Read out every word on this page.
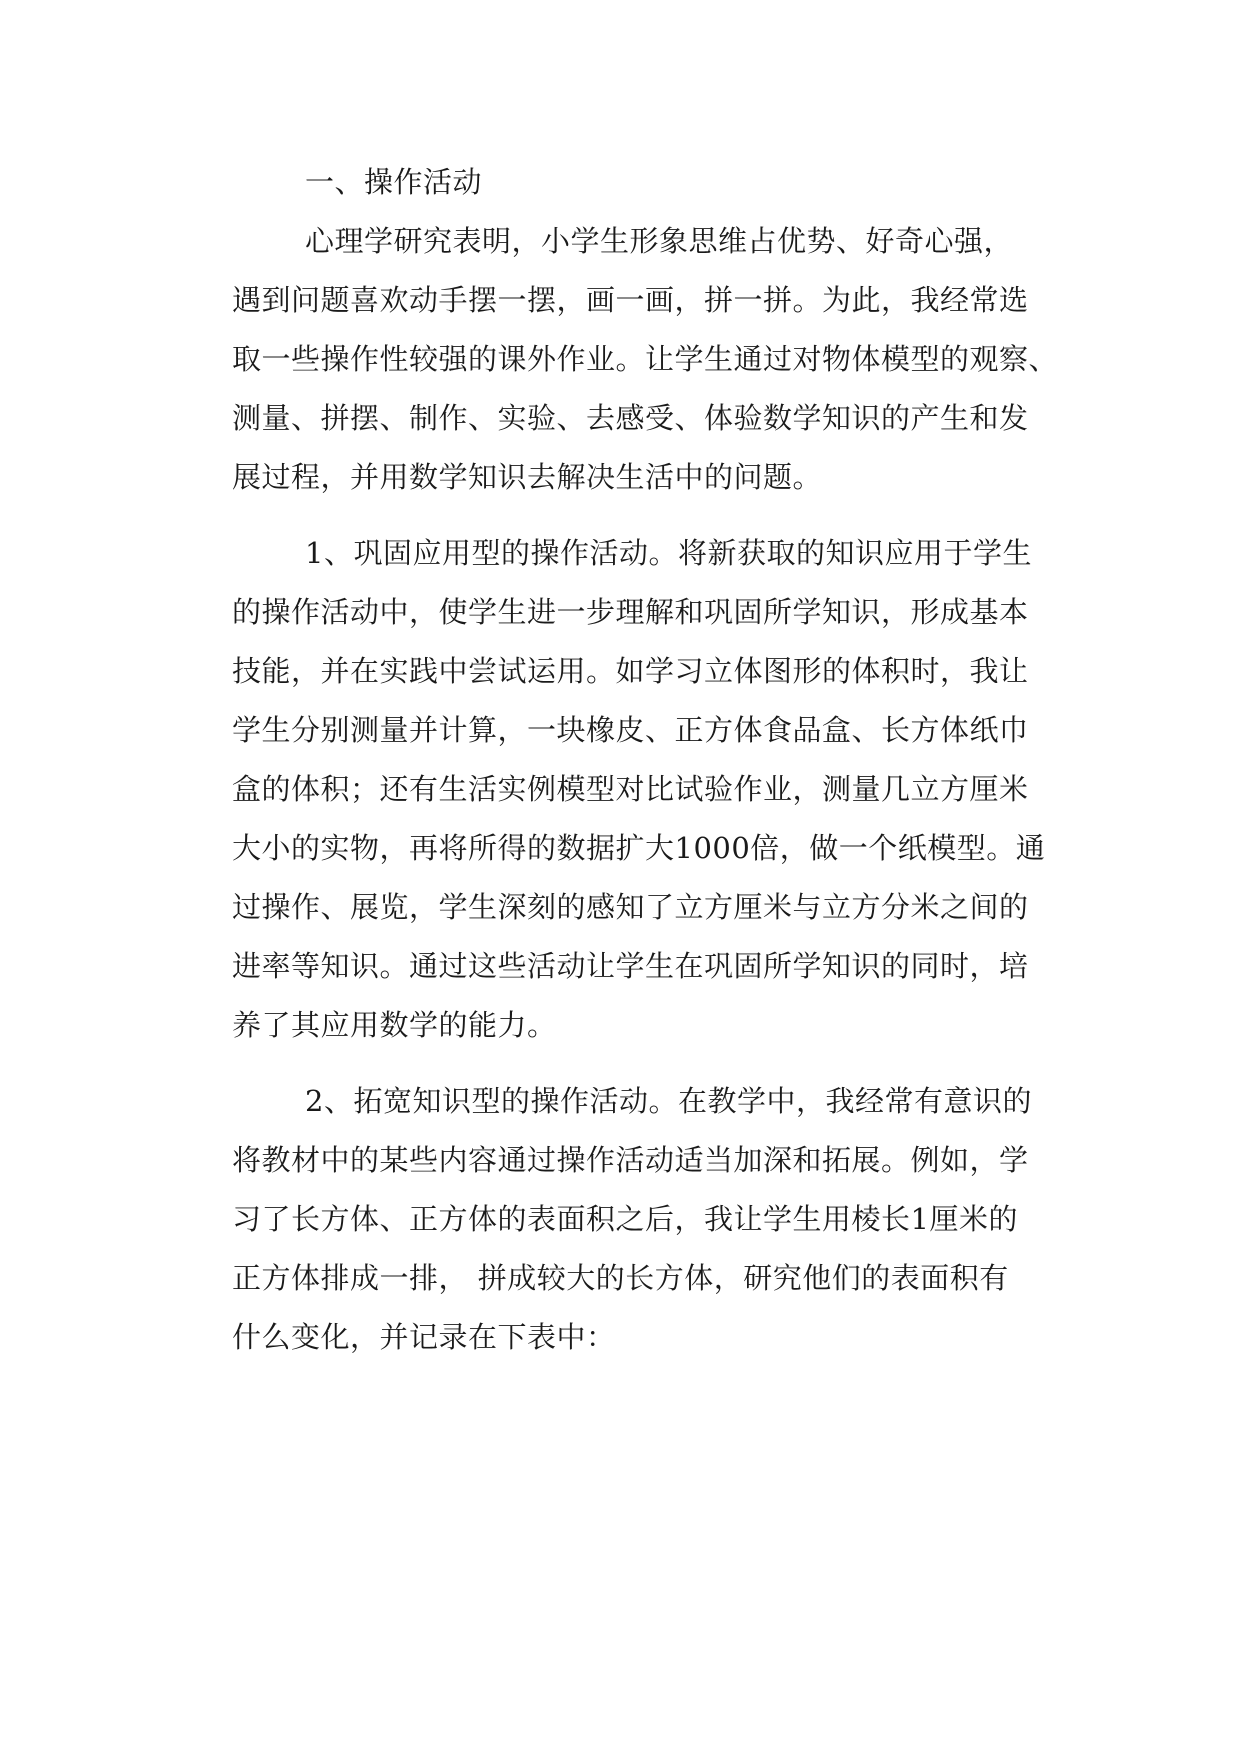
一、操作活动
心理学研究表明，小学生形象思维占优势、好奇心强，
遇到问题喜欢动手摆一摆，画一画，拼一拼。为此，我经常选
取一些操作性较强的课外作业。让学生通过对物体模型的观察、
测量、拼摆、制作、实验、去感受、体验数学知识的产生和发
展过程，并用数学知识去解决生活中的问题。
1、巩固应用型的操作活动。将新获取的知识应用于学生
的操作活动中，使学生进一步理解和巩固所学知识，形成基本
技能，并在实践中尝试运用。如学习立体图形的体积时，我让
学生分别测量并计算，一块橡皮、正方体食品盒、长方体纸巾
盒的体积；还有生活实例模型对比试验作业，测量几立方厘米
大小的实物，再将所得的数据扩大1000倍，做一个纸模型。通
过操作、展览，学生深刻的感知了立方厘米与立方分米之间的
进率等知识。通过这些活动让学生在巩固所学知识的同时，培
养了其应用数学的能力。
2、拓宽知识型的操作活动。在教学中，我经常有意识的
将教材中的某些内容通过操作活动适当加深和拓展。例如，学
习了长方体、正方体的表面积之后，我让学生用棱长1厘米的
正方体排成一排， 拼成较大的长方体，研究他们的表面积有
什么变化，并记录在下表中：
